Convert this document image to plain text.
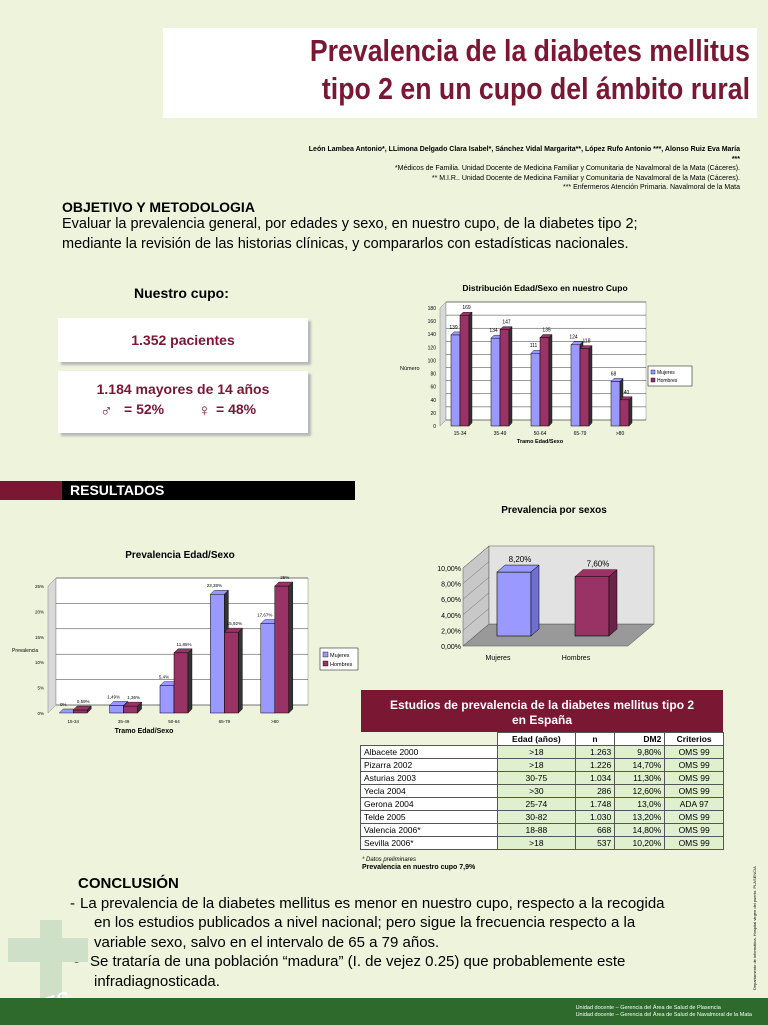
Prevalencia de la diabetes mellitus
tipo 2 en un cupo del ámbito rural
León Lambea Antonio*, LLimona Delgado Clara Isabel*, Sánchez Vidal Margarita**, López Rufo Antonio ***, Alonso Ruiz Eva María ***
*Médicos de Familia. Unidad Docente de Medicina Familiar y Comunitaria de Navalmoral de la Mata (Cáceres).
** M.I.R.. Unidad Docente de Medicina Familiar y Comunitaria de Navalmoral de la Mata (Cáceres).
*** Enfermeros Atención Primaria. Navalmoral de la Mata
OBJETIVO Y METODOLOGIA
Evaluar la prevalencia general, por edades y sexo, en nuestro cupo, de la diabetes tipo 2;
mediante la revisión de las historias clínicas, y compararlos con estadísticas nacionales.
Nuestro cupo:
1.352 pacientes
1.184 mayores de 14 años
♂ = 52% ♀ = 48%
Distribución Edad/Sexo en nuestro Cupo
0
20
40
60
80
100
120
140
160
180
Número
139
169
15-34
134
147
35-49
111
135
50-64
124
118
65-79
68
40
>80
Tramo Edad/Sexo
Mujeres
Hombres
RESULTADOS
Prevalencia Edad/Sexo
0%
5%
10%
15%
20%
25%
Prevalencia
0%
0,59%
15-34
1,49% 1,36%
35-49
5,4%
11,85%
50-64
23,38%
15,92%
65-79
17,67%
25%
>80
Tramo Edad/Sexo
Mujeres
Hombres
Prevalencia por sexos
0,00%
2,00%
4,00%
6,00%
8,00%
10,00%
8,20%
Mujeres
7,60%
Hombres
Estudios de prevalencia de la diabetes mellitus tipo 2
en España
	Edad (años)	n	DM2	Criterios
Albacete 2000	>18	1.263	9,80%	OMS 99
Pizarra 2002	>18	1.226	14,70%	OMS 99
Asturias 2003	30-75	1.034	11,30%	OMS 99
Yecla 2004	>30	286	12,60%	OMS 99
Gerona 2004	25-74	1.748	13,0%	ADA 97
Telde 2005	30-82	1.030	13,20%	OMS 99
Valencia 2006*	18-88	668	14,80%	OMS 99
Sevilla 2006*	>18	537	10,20%	OMS 99
* Datos preliminares
Prevalencia en nuestro cupo 7,9%
CONCLUSIÓN
- La prevalencia de la diabetes mellitus es menor en nuestro cupo, respecto a la recogida
en los estudios publicados a nivel nacional; pero sigue la frecuencia respecto a la
variable sexo, salvo en el intervalo de 65 a 79 años.
Se trataría de una población “madura” (I. de vejez 0.25) que probablemente este
infradiagnosticada.	Departamento de informática. Hospital virgen del puerto. PLASENCIA
Unidad docente – Gerencia del Área de Salud de Plasencia
Unidad docente – Gerencia del Área de Salud de Navalmoral de la Mata
